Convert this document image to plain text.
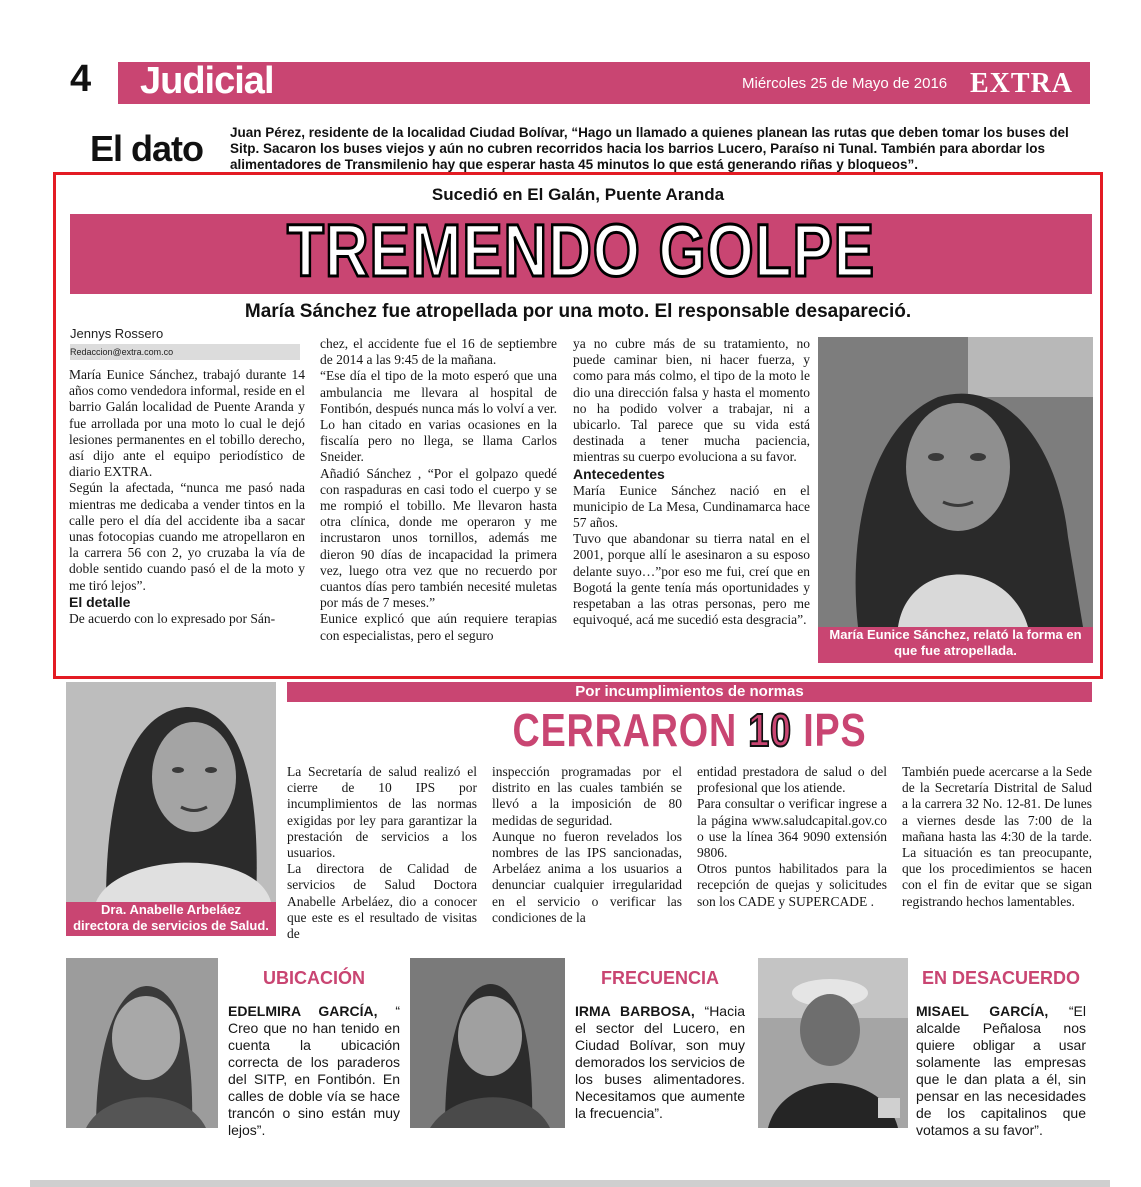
4 Judicial	Miércoles 25 de Mayo de 2016 EXTRA
El dato Juan Pérez, residente de la localidad Ciudad Bolívar, “Hago un llamado a quienes planean las rutas que deben tomar los buses del Sitp. Sacaron los buses viejos y aún no cubren recorridos hacia los barrios Lucero, Paraíso ni Tunal. También para abordar los alimentadores de Transmilenio hay que esperar hasta 45 minutos lo que está generando riñas y bloqueos”.
Sucedió en El Galán, Puente Aranda
TREMENDO GOLPE
María Sánchez fue atropellada por una moto. El responsable desapareció.
Jennys Rossero
Redaccion@extra.com.co

María Eunice Sánchez, trabajó durante 14 años como vendedora informal, reside en el barrio Galán localidad de Puente Aranda y fue arrollada por una moto lo cual le dejó lesiones permanentes en el tobillo derecho, así dijo ante el equipo periodístico de diario EXTRA.

Según la afectada, “nunca me pasó nada mientras me dedicaba a vender tintos en la calle pero el día del accidente iba a sacar unas fotocopias cuando me atropellaron en la carrera 56 con 2, yo cruzaba la vía de doble sentido cuando pasó el de la moto y me tiró lejos”.

El detalle

De acuerdo con lo expresado por Sán-

chez, el accidente fue el 16 de septiembre de 2014 a las 9:45 de la mañana.

“Ese día el tipo de la moto esperó que una ambulancia me llevara al hospital de Fontibón, después nunca más lo volví a ver. Lo han citado en varias ocasiones en la fiscalía pero no llega, se llama Carlos Sneider.

Añadió Sánchez , “Por el golpazo quedé con raspaduras en casi todo el cuerpo y se me rompió el tobillo. Me llevaron hasta otra clínica, donde me operaron y me incrustaron unos tornillos, además me dieron 90 días de incapacidad la primera vez, luego otra vez que no recuerdo por cuantos días pero también necesité muletas por más de 7 meses.”

Eunice explicó que aún requiere terapias con especialistas, pero el seguro

ya no cubre más de su tratamiento, no puede caminar bien, ni hacer fuerza, y como para más colmo, el tipo de la moto le dio una dirección falsa y hasta el momento no ha podido volver a trabajar, ni a ubicarlo. Tal parece que su vida está destinada a tener mucha paciencia, mientras su cuerpo evoluciona a su favor.

Antecedentes

María Eunice Sánchez nació en el municipio de La Mesa, Cundinamarca hace 57 años.

Tuvo que abandonar su tierra natal en el 2001, porque allí le asesinaron a su esposo delante suyo…”por eso me fui, creí que en Bogotá la gente tenía más oportunidades y respetaban a las otras personas, pero me equivoqué, acá me sucedió esta desgracia”.

María Eunice Sánchez, relató la forma en que fue atropellada.
Por incumplimientos de normas
CERRARON 10 IPS
Dra. Anabelle Arbeláez
directora de servicios de Salud.

La Secretaría de salud realizó el cierre de 10 IPS por incumplimientos de las normas exigidas por ley para garantizar la prestación de servicios a los usuarios.

La directora de Calidad de servicios de Salud Doctora Anabelle Arbeláez, dio a conocer que este es el resultado de visitas de

inspección programadas por el distrito en las cuales también se llevó a la imposición de 80 medidas de seguridad.

Aunque no fueron revelados los nombres de las IPS sancionadas, Arbeláez anima a los usuarios a denunciar cualquier irregularidad en el servicio o verificar las condiciones de la

entidad prestadora de salud o del profesional que los atiende.

Para consultar o verificar ingrese a la página www.saludcapital.gov.co o use la línea 364 9090 extensión 9806.

Otros puntos habilitados para la recepción de quejas y solicitudes son los CADE y SUPERCADE .

También puede acercarse a la Sede de la Secretaría Distrital de Salud a la carrera 32 No. 12-81. De lunes a viernes desde las 7:00 de la mañana hasta las 4:30 de la tarde. La situación es tan preocupante, que los procedimientos se hacen con el fin de evitar que se sigan registrando hechos lamentables.

UBICACIÓN
EDELMIRA GARCÍA, “ Creo que no han tenido en cuenta la ubicación correcta de los paraderos del SITP, en Fontibón. En calles de doble vía se hace trancón o sino están muy lejos”.
FRECUENCIA
IRMA BARBOSA, “Hacia el sector del Lucero, en Ciudad Bolívar, son muy demorados los servicios de los buses alimentadores. Necesitamos que aumente la frecuencia”.
EN DESACUERDO
MISAEL GARCÍA, “El alcalde Peñalosa nos quiere obligar a usar solamente las empresas que le dan plata a él, sin pensar en las necesidades de los capitalinos que votamos a su favor”.
